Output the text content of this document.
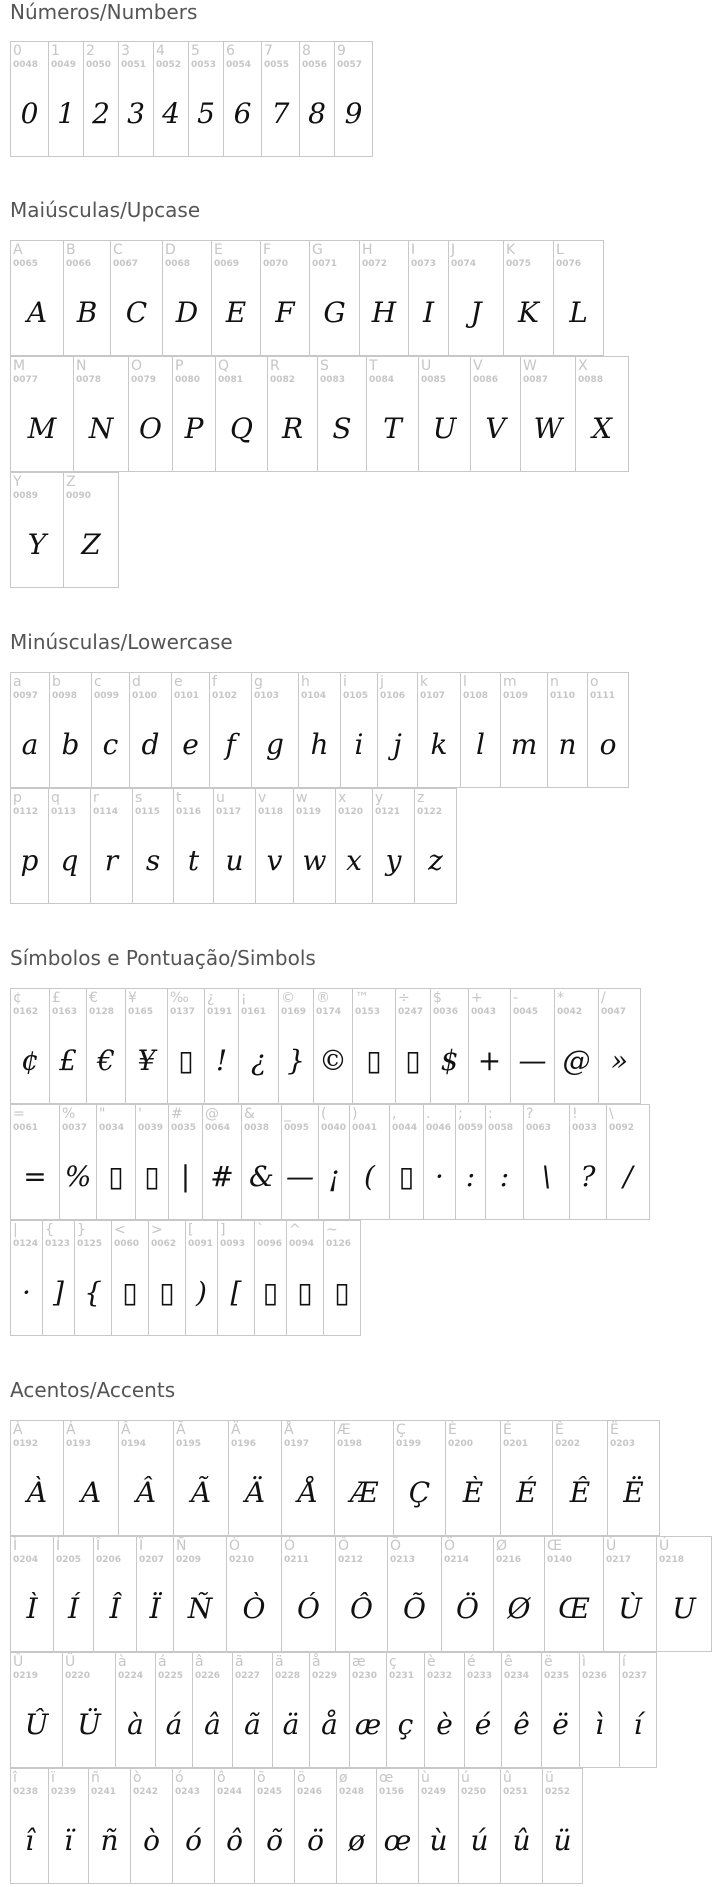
Números/Numbers
Maiúsculas/Upcase
Minúsculas/Lowercase
Símbolos e Pontuação/Simbols
Acentos/Accents
0
0048
0
1
0049
1
2
0050
2
3
0051
3
4
0052
4
5
0053
5
6
0054
6
7
0055
7
8
0056
8
9
0057
9
A
0065
A
B
0066
B
C
0067
C
D
0068
D
E
0069
E
F
0070
F
G
0071
G
H
0072
H
I
0073
I
J
0074
J
K
0075
K
L
0076
L
M
0077
M
N
0078
N
O
0079
O
P
0080
P
Q
0081
Q
R
0082
R
S
0083
S
T
0084
T
U
0085
U
V
0086
V
W
0087
W
X
0088
X
Y
0089
Y
Z
0090
Z
a
0097
a
b
0098
b
c
0099
c
d
0100
d
e
0101
e
f
0102
f
g
0103
g
h
0104
h
i
0105
i
j
0106
j
k
0107
k
l
0108
l
m
0109
m
n
0110
n
o
0111
o
p
0112
p
q
0113
q
r
0114
r
s
0115
s
t
0116
t
u
0117
u
v
0118
v
w
0119
w
x
0120
x
y
0121
y
z
0122
z
¢
0162
¢
£
0163
£
€
0128
€
¥
0165
¥
‰
0137
▯
¿
0191
!
¡
0161
¿
©
0169
}
®
0174
©
™
0153
▯
÷
0247
▯
$
0036
$
+
0043
+
-
0045
—
*
0042
@
/
0047
»
=
0061
=
%
0037
%
"
0034
▯
'
0039
▯
#
0035
|
@
0064
#
&
0038
&
_
0095
—
(
0040
¡
)
0041
(
,
0044
▯
.
0046
·
;
0059
:
:
0058
:
?
0063
\
!
0033
?
\
0092
/
|
0124
·
{
0123
]
}
0125
{
<
0060
▯
>
0062
▯
[
0091
)
]
0093
[
`
0096
▯
^
0094
▯
~
0126
▯
À
0192
À
Á
0193
A
Â
0194
Â
Ã
0195
Ã
Ä
0196
Ä
Å
0197
Å
Æ
0198
Æ
Ç
0199
Ç
È
0200
È
É
0201
É
Ê
0202
Ê
Ë
0203
Ë
Ì
0204
Ì
Í
0205
Í
Î
0206
Î
Ï
0207
Ï
Ñ
0209
Ñ
Ò
0210
Ò
Ó
0211
Ó
Ô
0212
Ô
Õ
0213
Õ
Ö
0214
Ö
Ø
0216
Ø
Œ
0140
Œ
Ù
0217
Ù
Ú
0218
U
Û
0219
Û
Ü
0220
Ü
à
0224
à
á
0225
á
â
0226
â
ã
0227
ã
ä
0228
ä
å
0229
å
æ
0230
æ
ç
0231
ç
è
0232
è
é
0233
é
ê
0234
ê
ë
0235
ë
ì
0236
ì
í
0237
í
î
0238
î
ï
0239
ï
ñ
0241
ñ
ò
0242
ò
ó
0243
ó
ô
0244
ô
õ
0245
õ
ö
0246
ö
ø
0248
ø
œ
0156
œ
ù
0249
ù
ú
0250
ú
û
0251
û
ü
0252
ü
